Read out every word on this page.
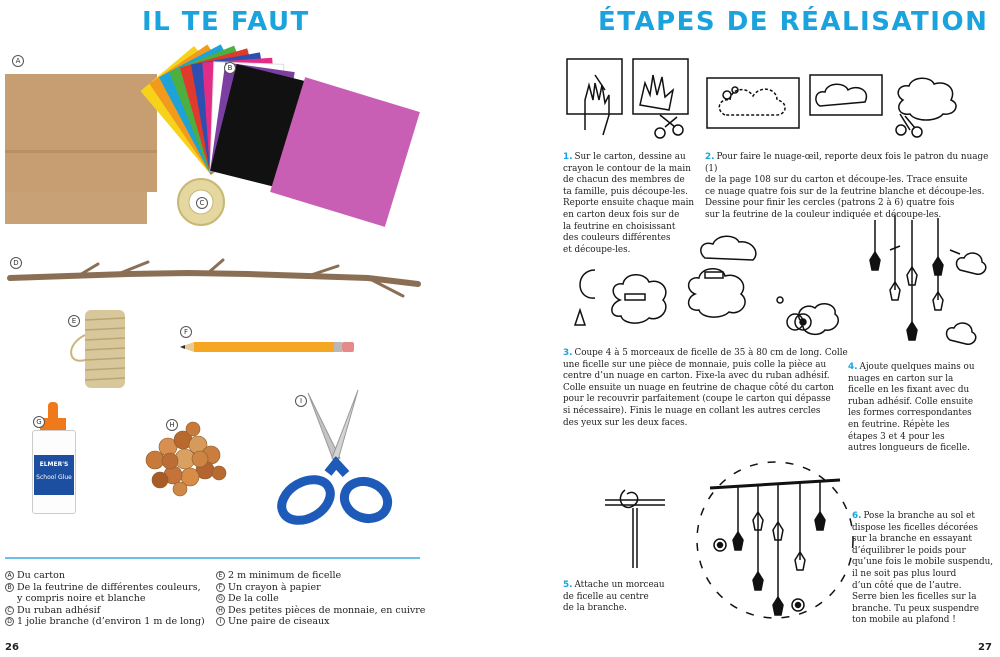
IL TE FAUT
A
B
C
D
E
F
ELMER'S
School Glue
G	H
I
A Du carton
B De la feutrine de différentes couleurs,
y compris noire et blanche
C Du ruban adhésif
D 1 jolie branche (d’environ 1 m de long)
E 2 m minimum de ficelle
F Un crayon à papier
G De la colle
H Des petites pièces de monnaie, en cuivre
I Une paire de ciseaux
26
ÉTAPES DE RÉALISATION
1. Sur le carton, dessine au
crayon le contour de la main
de chacun des membres de
ta famille, puis découpe-les.
Reporte ensuite chaque main
en carton deux fois sur de
la feutrine en choisissant
des couleurs différentes
et découpe-les.
2. Pour faire le nuage-œil, reporte deux fois le patron du nuage (1)
de la page 108 sur du carton et découpe-les. Trace ensuite
ce nuage quatre fois sur de la feutrine blanche et découpe-les.
Dessine pour finir les cercles (patrons 2 à 6) quatre fois
sur la feutrine de la couleur indiquée et découpe-les.
3. Coupe 4 à 5 morceaux de ficelle de 35 à 80 cm de long. Colle
une ficelle sur une pièce de monnaie, puis colle la pièce au
centre d’un nuage en carton. Fixe-la avec du ruban adhésif.
Colle ensuite un nuage en feutrine de chaque côté du carton
pour le recouvrir parfaitement (coupe le carton qui dépasse
si nécessaire). Finis le nuage en collant les autres cercles
des yeux sur les deux faces.
4. Ajoute quelques mains ou
nuages en carton sur la
ficelle en les fixant avec du
ruban adhésif. Colle ensuite
les formes correspondantes
en feutrine. Répète les
étapes 3 et 4 pour les
autres longueurs de ficelle.
5. Attache un morceau
de ficelle au centre
de la branche.
6. Pose la branche au sol et
dispose les ficelles décorées
sur la branche en essayant
d’équilibrer le poids pour
qu’une fois le mobile suspendu,
il ne soit pas plus lourd
d’un côté que de l’autre.
Serre bien les ficelles sur la
branche. Tu peux suspendre
ton mobile au plafond !
27
